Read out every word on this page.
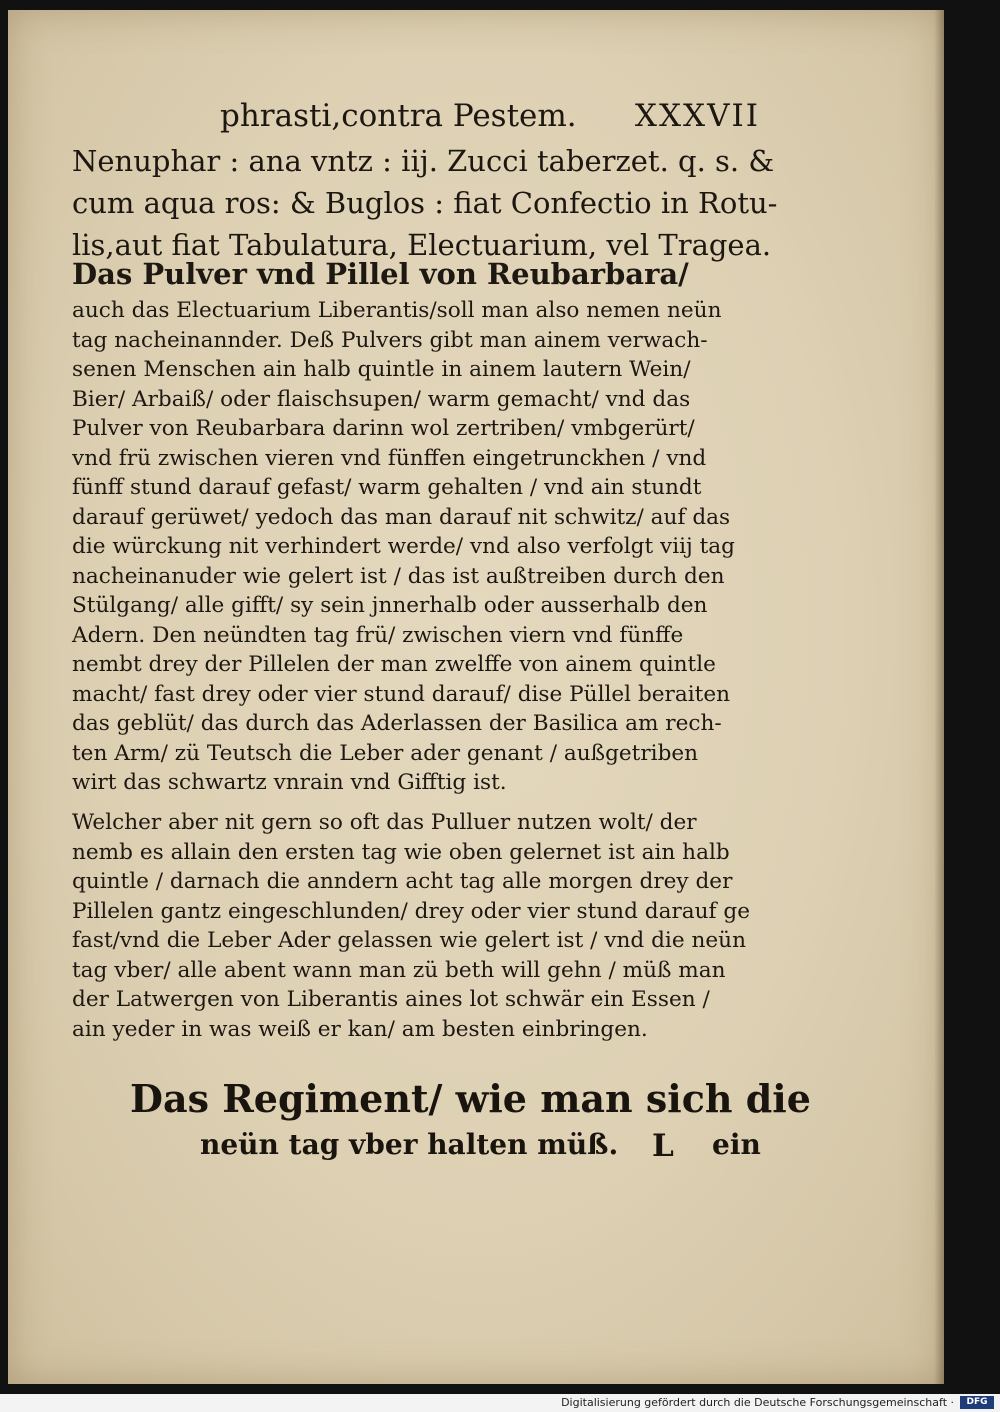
phrasti,contra Pestem. XXXVII
Nenuphar : ana vntz : iij. Zucci taberzet. q. s. &
cum aqua ros: & Buglos : fiat Confectio in Rotu-
lis,aut fiat Tabulatura, Electuarium, vel Tragea.
Das Pulver vnd Pillel von Reubarbara/
auch das Electuarium Liberantis/soll man also nemen neün
tag nacheinannder. Deß Pulvers gibt man ainem verwach-
senen Menschen ain halb quintle in ainem lautern Wein/
Bier/ Arbaiß/ oder flaischsupen/ warm gemacht/ vnd das
Pulver von Reubarbara darinn wol zertriben/ vmbgerürt/
vnd frü zwischen vieren vnd fünffen eingetrunckhen / vnd
fünff stund darauf gefast/ warm gehalten / vnd ain stundt
darauf gerüwet/ yedoch das man darauf nit schwitz/ auf das
die würckung nit verhindert werde/ vnd also verfolgt viij tag
nacheinanuder wie gelert ist / das ist außtreiben durch den
Stülgang/ alle gifft/ sy sein jnnerhalb oder ausserhalb den
Adern. Den neündten tag frü/ zwischen viern vnd fünffe
nembt drey der Pillelen der man zwelffe von ainem quintle
macht/ fast drey oder vier stund darauf/ dise Püllel beraiten
das geblüt/ das durch das Aderlassen der Basilica am rech-
ten Arm/ zü Teutsch die Leber ader genant / außgetriben
wirt das schwartz vnrain vnd Gifftig ist.
Welcher aber nit gern so oft das Pulluer nutzen wolt/ der
nemb es allain den ersten tag wie oben gelernet ist ain halb
quintle / darnach die anndern acht tag alle morgen drey der
Pillelen gantz eingeschlunden/ drey oder vier stund darauf ge
fast/vnd die Leber Ader gelassen wie gelert ist / vnd die neün
tag vber/ alle abent wann man zü beth will gehn / müß man
der Latwergen von Liberantis aines lot schwär ein Essen /
ain yeder in was weiß er kan/ am besten einbringen.
Das Regiment/ wie man sich die
neün tag vber halten müß. L ein
Digitalisierung gefördert durch die Deutsche Forschungsgemeinschaft ·	DFG
